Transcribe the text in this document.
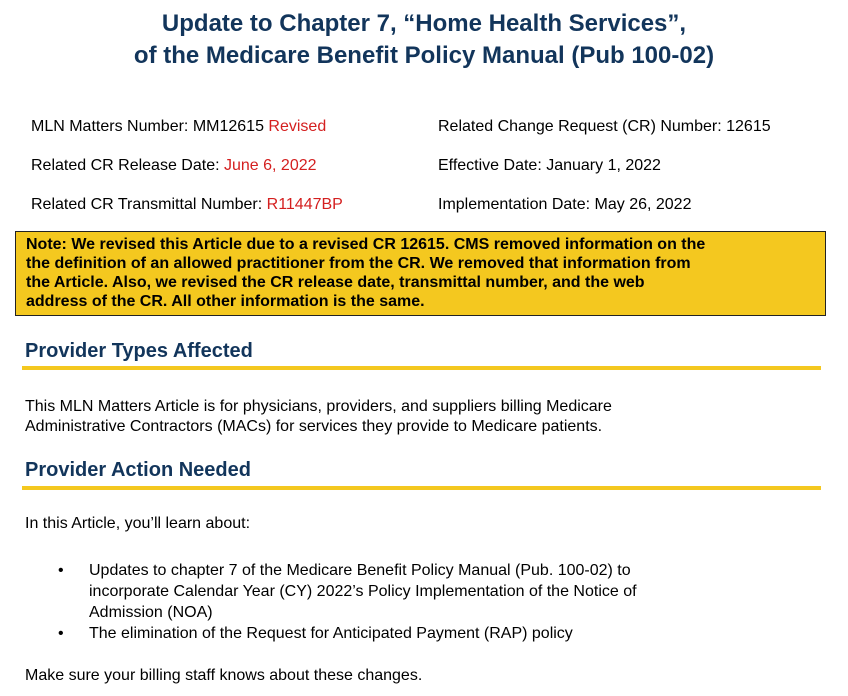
Update to Chapter 7, “Home Health Services”,
of the Medicare Benefit Policy Manual (Pub 100-02)
MLN Matters Number: MM12615 Revised
Related CR Release Date: June 6, 2022
Related CR Transmittal Number: R11447BP
Related Change Request (CR) Number: 12615
Effective Date: January 1, 2022
Implementation Date: May 26, 2022
Note: We revised this Article due to a revised CR 12615. CMS removed information on the
the definition of an allowed practitioner from the CR. We removed that information from
the Article. Also, we revised the CR release date, transmittal number, and the web
address of the CR. All other information is the same.
Provider Types Affected
This MLN Matters Article is for physicians, providers, and suppliers billing Medicare
Administrative Contractors (MACs) for services they provide to Medicare patients.
Provider Action Needed
In this Article, you’ll learn about:
• Updates to chapter 7 of the Medicare Benefit Policy Manual (Pub. 100-02) to
incorporate Calendar Year (CY) 2022’s Policy Implementation of the Notice of
Admission (NOA)
• The elimination of the Request for Anticipated Payment (RAP) policy
Make sure your billing staff knows about these changes.
